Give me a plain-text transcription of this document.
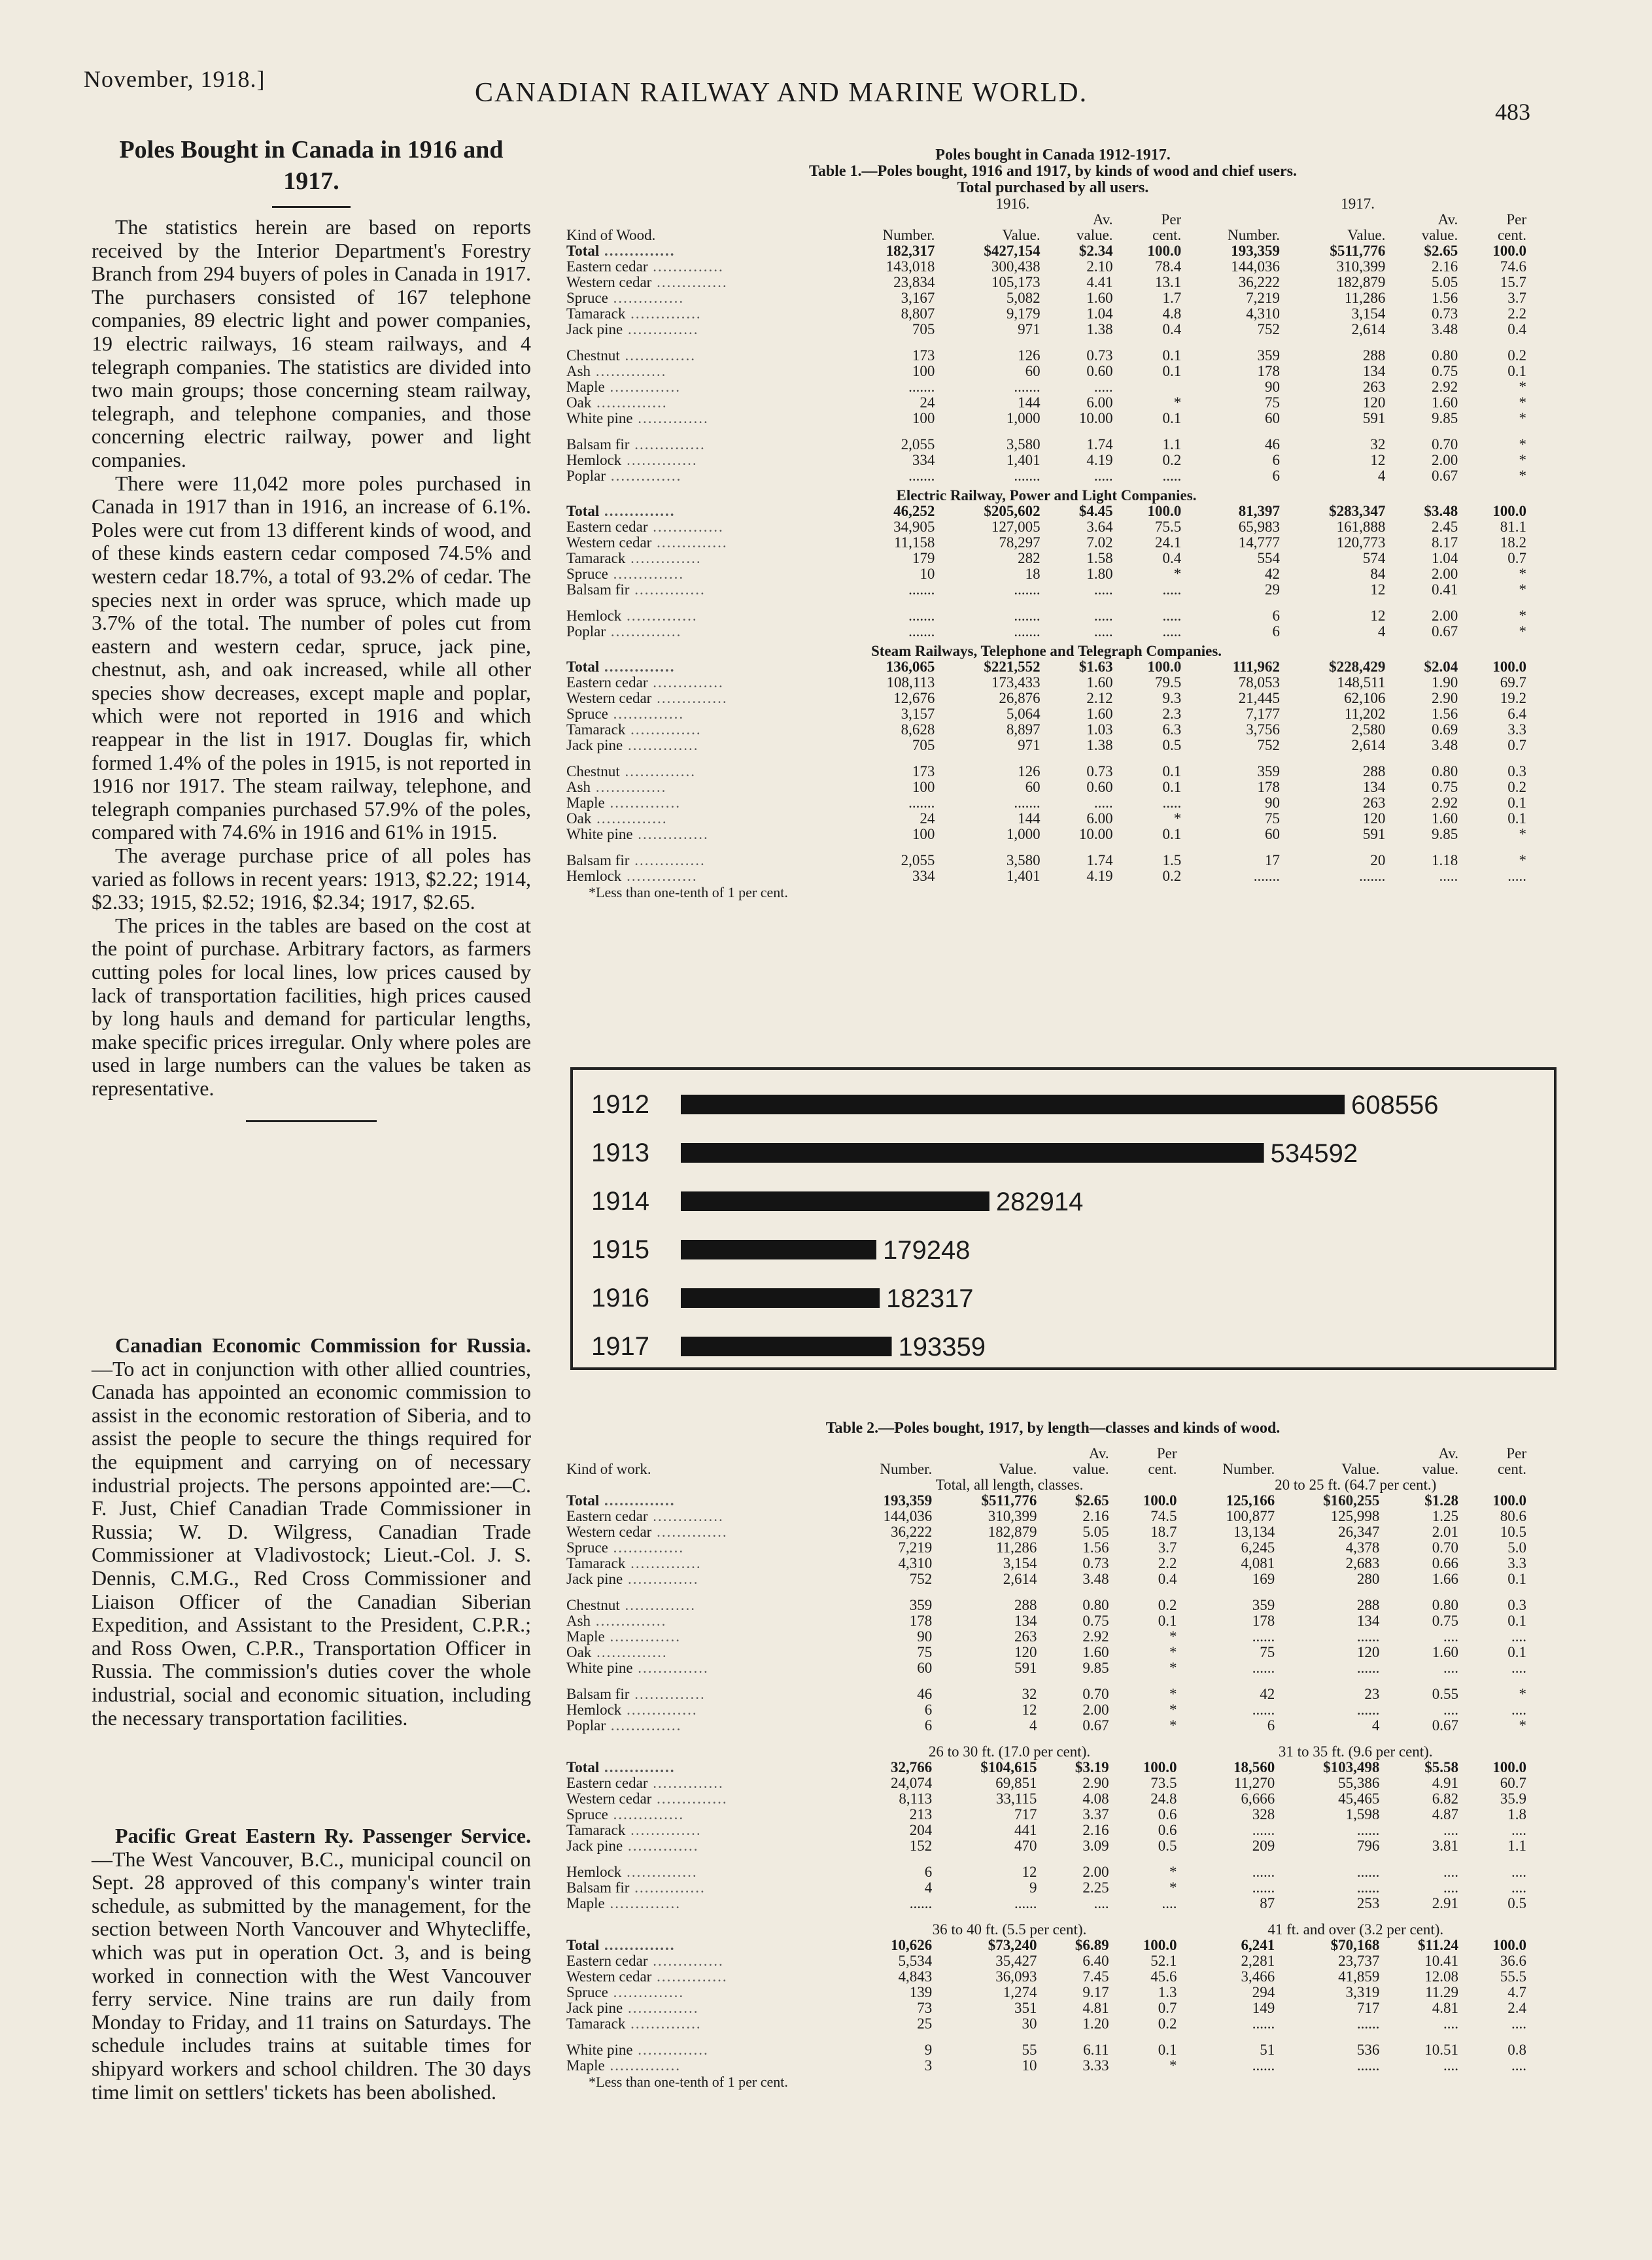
November, 1918.]	CANADIAN RAILWAY AND MARINE WORLD.
483
Poles Bought in Canada in 1916 and 1917.

The statistics herein are based on reports received by the Interior Department's Forestry Branch from 294 buyers of poles in Canada in 1917. The purchasers consisted of 167 telephone companies, 89 electric light and power companies, 19 electric railways, 16 steam railways, and 4 telegraph companies. The statistics are divided into two main groups; those concerning steam railway, telegraph, and telephone companies, and those concerning electric railway, power and light companies.

There were 11,042 more poles purchased in Canada in 1917 than in 1916, an increase of 6.1%. Poles were cut from 13 different kinds of wood, and of these kinds eastern cedar composed 74.5% and western cedar 18.7%, a total of 93.2% of cedar. The species next in order was spruce, which made up 3.7% of the total. The number of poles cut from eastern and western cedar, spruce, jack pine, chestnut, ash, and oak increased, while all other species show decreases, except maple and poplar, which were not reported in 1916 and which reappear in the list in 1917. Douglas fir, which formed 1.4% of the poles in 1915, is not reported in 1916 nor 1917. The steam railway, telephone, and telegraph companies purchased 57.9% of the poles, compared with 74.6% in 1916 and 61% in 1915.

The average purchase price of all poles has varied as follows in recent years: 1913, $2.22; 1914, $2.33; 1915, $2.52; 1916, $2.34; 1917, $2.65.

The prices in the tables are based on the cost at the point of purchase. Arbitrary factors, as farmers cutting poles for local lines, low prices caused by lack of transportation facilities, high prices caused by long hauls and demand for particular lengths, make specific prices irregular. Only where poles are used in large numbers can the values be taken as representative.

Canadian Economic Commission for Russia.—To act in conjunction with other allied countries, Canada has appointed an economic commission to assist in the economic restoration of Siberia, and to assist the people to secure the things required for the equipment and carrying on of necessary industrial projects. The persons appointed are:—C. F. Just, Chief Canadian Trade Commissioner in Russia; W. D. Wilgress, Canadian Trade Commissioner at Vladivostock; Lieut.-Col. J. S. Dennis, C.M.G., Red Cross Commissioner and Liaison Officer of the Canadian Siberian Expedition, and Assistant to the President, C.P.R.; and Ross Owen, C.P.R., Transportation Officer in Russia. The commission's duties cover the whole industrial, social and economic situation, including the necessary transportation facilities.

Pacific Great Eastern Ry. Passenger Service.—The West Vancouver, B.C., municipal council on Sept. 28 approved of this company's winter train schedule, as submitted by the management, for the section between North Vancouver and Whytecliffe, which was put in operation Oct. 3, and is being worked in connection with the West Vancouver ferry service. Nine trains are run daily from Monday to Friday, and 11 trains on Saturdays. The schedule includes trains at suitable times for shipyard workers and school children. The 30 days time limit on settlers' tickets has been abolished.

Poles bought in Canada 1912-1917.
Table 1.—Poles bought, 1916 and 1917, by kinds of wood and chief users.
Total purchased by all users.
	1916.				1917.			
			Av.	Per			Av.	Per
Kind of Wood.	Number.	Value.	value.	cent.	Number.	Value.	value.	cent.
Total ..............	182,317	$427,154	$2.34	100.0	193,359	$511,776	$2.65	100.0
Eastern cedar ..............	143,018	300,438	2.10	78.4	144,036	310,399	2.16	74.6
Western cedar ..............	23,834	105,173	4.41	13.1	36,222	182,879	5.05	15.7
Spruce ..............	3,167	5,082	1.60	1.7	7,219	11,286	1.56	3.7
Tamarack ..............	8,807	9,179	1.04	4.8	4,310	3,154	0.73	2.2
Jack pine ..............	705	971	1.38	0.4	752	2,614	3.48	0.4

Chestnut ..............	173	126	0.73	0.1	359	288	0.80	0.2
Ash ..............	100	60	0.60	0.1	178	134	0.75	0.1
Maple ..............	.......	.......	.....		90	263	2.92	*
Oak ..............	24	144	6.00	*	75	120	1.60	*
White pine ..............	100	1,000	10.00	0.1	60	591	9.85	*

Balsam fir ..............	2,055	3,580	1.74	1.1	46	32	0.70	*
Hemlock ..............	334	1,401	4.19	0.2	6	12	2.00	*
Poplar ..............	.......	.......	.....	.....	6	4	0.67	*
Electric Railway, Power and Light Companies.								
Total ..............	46,252	$205,602	$4.45	100.0	81,397	$283,347	$3.48	100.0
Eastern cedar ..............	34,905	127,005	3.64	75.5	65,983	161,888	2.45	81.1
Western cedar ..............	11,158	78,297	7.02	24.1	14,777	120,773	8.17	18.2
Tamarack ..............	179	282	1.58	0.4	554	574	1.04	0.7
Spruce ..............	10	18	1.80	*	42	84	2.00	*
Balsam fir ..............	.......	.......	.....	.....	29	12	0.41	*

Hemlock ..............	.......	.......	.....	.....	6	12	2.00	*
Poplar ..............	.......	.......	.....	.....	6	4	0.67	*
Steam Railways, Telephone and Telegraph Companies.								
Total ..............	136,065	$221,552	$1.63	100.0	111,962	$228,429	$2.04	100.0
Eastern cedar ..............	108,113	173,433	1.60	79.5	78,053	148,511	1.90	69.7
Western cedar ..............	12,676	26,876	2.12	9.3	21,445	62,106	2.90	19.2
Spruce ..............	3,157	5,064	1.60	2.3	7,177	11,202	1.56	6.4
Tamarack ..............	8,628	8,897	1.03	6.3	3,756	2,580	0.69	3.3
Jack pine ..............	705	971	1.38	0.5	752	2,614	3.48	0.7

Chestnut ..............	173	126	0.73	0.1	359	288	0.80	0.3
Ash ..............	100	60	0.60	0.1	178	134	0.75	0.2
Maple ..............	.......	.......	.....	.....	90	263	2.92	0.1
Oak ..............	24	144	6.00	*	75	120	1.60	0.1
White pine ..............	100	1,000	10.00	0.1	60	591	9.85	*

Balsam fir ..............	2,055	3,580	1.74	1.5	17	20	1.18	*
Hemlock ..............	334	1,401	4.19	0.2	.......	.......	.....	.....
*Less than one-tenth of 1 per cent.
1912	608556
1913	534592
1914	282914
1915	179248
1916	182317
1917	193359
Table 2.—Poles bought, 1917, by length—classes and kinds of wood.
			Av.	Per			Av.	Per
Kind of work.	Number.	Value.	value.	cent.	Number.	Value.	value.	cent.
	Total, all length, classes.				20 to 25 ft. (64.7 per cent.)			
Total ..............	193,359	$511,776	$2.65	100.0	125,166	$160,255	$1.28	100.0
Eastern cedar ..............	144,036	310,399	2.16	74.5	100,877	125,998	1.25	80.6
Western cedar ..............	36,222	182,879	5.05	18.7	13,134	26,347	2.01	10.5
Spruce ..............	7,219	11,286	1.56	3.7	6,245	4,378	0.70	5.0
Tamarack ..............	4,310	3,154	0.73	2.2	4,081	2,683	0.66	3.3
Jack pine ..............	752	2,614	3.48	0.4	169	280	1.66	0.1

Chestnut ..............	359	288	0.80	0.2	359	288	0.80	0.3
Ash ..............	178	134	0.75	0.1	178	134	0.75	0.1
Maple ..............	90	263	2.92	*	......	......	....	....
Oak ..............	75	120	1.60	*	75	120	1.60	0.1
White pine ..............	60	591	9.85	*	......	......	....	....

Balsam fir ..............	46	32	0.70	*	42	23	0.55	*
Hemlock ..............	6	12	2.00	*	......	......	....	....
Poplar ..............	6	4	0.67	*	6	4	0.67	*

	26 to 30 ft. (17.0 per cent).				31 to 35 ft. (9.6 per cent).			
Total ..............	32,766	$104,615	$3.19	100.0	18,560	$103,498	$5.58	100.0
Eastern cedar ..............	24,074	69,851	2.90	73.5	11,270	55,386	4.91	60.7
Western cedar ..............	8,113	33,115	4.08	24.8	6,666	45,465	6.82	35.9
Spruce ..............	213	717	3.37	0.6	328	1,598	4.87	1.8
Tamarack ..............	204	441	2.16	0.6	......	......	....	....
Jack pine ..............	152	470	3.09	0.5	209	796	3.81	1.1

Hemlock ..............	6	12	2.00	*	......	......	....	....
Balsam fir ..............	4	9	2.25	*	......	......	....	....
Maple ..............	......	......	....	....	87	253	2.91	0.5

	36 to 40 ft. (5.5 per cent).				41 ft. and over (3.2 per cent).			
Total ..............	10,626	$73,240	$6.89	100.0	6,241	$70,168	$11.24	100.0
Eastern cedar ..............	5,534	35,427	6.40	52.1	2,281	23,737	10.41	36.6
Western cedar ..............	4,843	36,093	7.45	45.6	3,466	41,859	12.08	55.5
Spruce ..............	139	1,274	9.17	1.3	294	3,319	11.29	4.7
Jack pine ..............	73	351	4.81	0.7	149	717	4.81	2.4
Tamarack ..............	25	30	1.20	0.2	......	......	....	....

White pine ..............	9	55	6.11	0.1	51	536	10.51	0.8
Maple ..............	3	10	3.33	*	......	......	....	....
*Less than one-tenth of 1 per cent.
